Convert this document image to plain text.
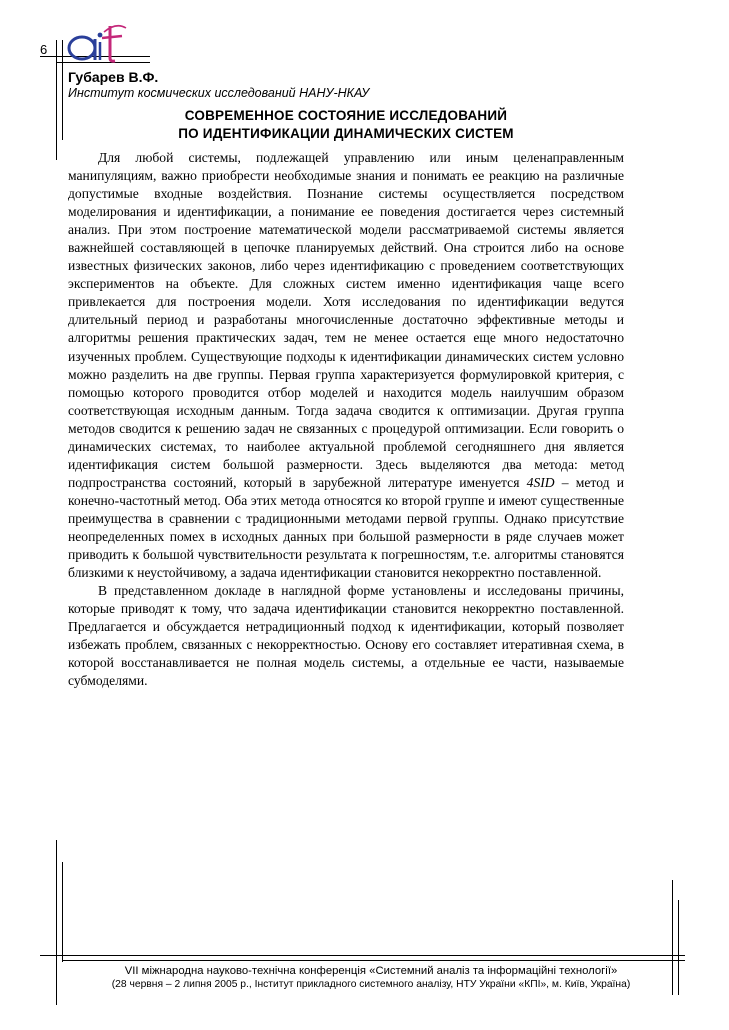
6
Губарев В.Ф.
Институт космических исследований НАНУ-НКАУ
СОВРЕМЕННОЕ СОСТОЯНИЕ ИССЛЕДОВАНИЙ
ПО ИДЕНТИФИКАЦИИ ДИНАМИЧЕСКИХ СИСТЕМ

Для любой системы, подлежащей управлению или иным целенаправленным манипуляциям, важно приобрести необходимые знания и понимать ее реакцию на различные допустимые входные воздействия. Познание системы осуществляется посредством моделирования и идентификации, а понимание ее поведения достигается через системный анализ. При этом построение математической модели рассматриваемой системы является важнейшей составляющей в цепочке планируемых действий. Она строится либо на основе известных физических законов, либо через идентификацию с проведением соответствующих экспериментов на объекте. Для сложных систем именно идентификация чаще всего привлекается для построения модели. Хотя исследования по идентификации ведутся длительный период и разработаны многочисленные достаточно эффективные методы и алгоритмы решения практических задач, тем не менее остается еще много недостаточно изученных проблем. Существующие подходы к идентификации динамических систем условно можно разделить на две группы. Первая группа характеризуется формулировкой критерия, с помощью которого проводится отбор моделей и находится модель наилучшим образом соответствующая исходным данным. Тогда задача сводится к оптимизации. Другая группа методов сводится к решению задач не связанных с процедурой оптимизации. Если говорить о динамических системах, то наиболее актуальной проблемой сегодняшнего дня является идентификация систем большой размерности. Здесь выделяются два метода: метод подпространства состояний, который в зарубежной литературе именуется 4SID – метод и конечно-частотный метод. Оба этих метода относятся ко второй группе и имеют существенные преимущества в сравнении с традиционными методами первой группы. Однако присутствие неопределенных помех в исходных данных при большой размерности в ряде случаев может приводить к большой чувствительности результата к погрешностям, т.е. алгоритмы становятся близкими к неустойчивому, а задача идентификации становится некорректно поставленной.

В представленном докладе в наглядной форме установлены и исследованы причины, которые приводят к тому, что задача идентификации становится некорректно поставленной. Предлагается и обсуждается нетрадиционный подход к идентификации, который позволяет избежать проблем, связанных с некорректностью. Основу его составляет итеративная схема, в которой восстанавливается не полная модель системы, а отдельные ее части, называемые субмоделями.

VII міжнародна науково-технічна конференція «Системний аналіз та інформаційні технології»
(28 червня – 2 липня 2005 р., Інститут прикладного системного аналізу, НТУ України «КПІ», м. Київ, Україна)
